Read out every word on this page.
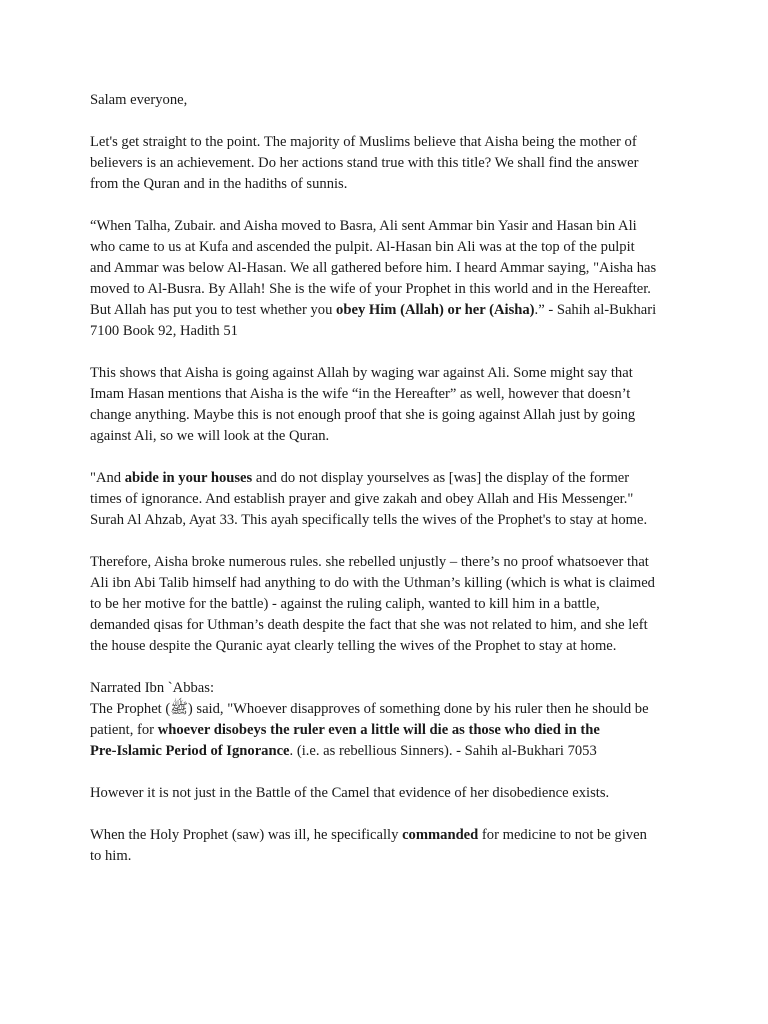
Salam everyone,

Let's get straight to the point. The majority of Muslims believe that Aisha being the mother of
believers is an achievement. Do her actions stand true with this title? We shall find the answer
from the Quran and in the hadiths of sunnis.

“When Talha, Zubair. and Aisha moved to Basra, Ali sent Ammar bin Yasir and Hasan bin Ali
who came to us at Kufa and ascended the pulpit. Al-Hasan bin Ali was at the top of the pulpit
and Ammar was below Al-Hasan. We all gathered before him. I heard Ammar saying, "Aisha has
moved to Al-Busra. By Allah! She is the wife of your Prophet in this world and in the Hereafter.
But Allah has put you to test whether you obey Him (Allah) or her (Aisha).” - Sahih al-Bukhari
7100 Book 92, Hadith 51

This shows that Aisha is going against Allah by waging war against Ali. Some might say that
Imam Hasan mentions that Aisha is the wife “in the Hereafter” as well, however that doesn’t
change anything. Maybe this is not enough proof that she is going against Allah just by going
against Ali, so we will look at the Quran.

"And abide in your houses and do not display yourselves as [was] the display of the former
times of ignorance. And establish prayer and give zakah and obey Allah and His Messenger."
Surah Al Ahzab, Ayat 33. This ayah specifically tells the wives of the Prophet's to stay at home.

Therefore, Aisha broke numerous rules. she rebelled unjustly – there’s no proof whatsoever that
Ali ibn Abi Talib himself had anything to do with the Uthman’s killing (which is what is claimed
to be her motive for the battle) - against the ruling caliph, wanted to kill him in a battle,
demanded qisas for Uthman’s death despite the fact that she was not related to him, and she left
the house despite the Quranic ayat clearly telling the wives of the Prophet to stay at home.

Narrated Ibn `Abbas:
The Prophet (ﷺ) said, "Whoever disapproves of something done by his ruler then he should be
patient, for whoever disobeys the ruler even a little will die as those who died in the
Pre-Islamic Period of Ignorance. (i.e. as rebellious Sinners). - Sahih al-Bukhari 7053

However it is not just in the Battle of the Camel that evidence of her disobedience exists.

When the Holy Prophet (saw) was ill, he specifically commanded for medicine to not be given
to him.
